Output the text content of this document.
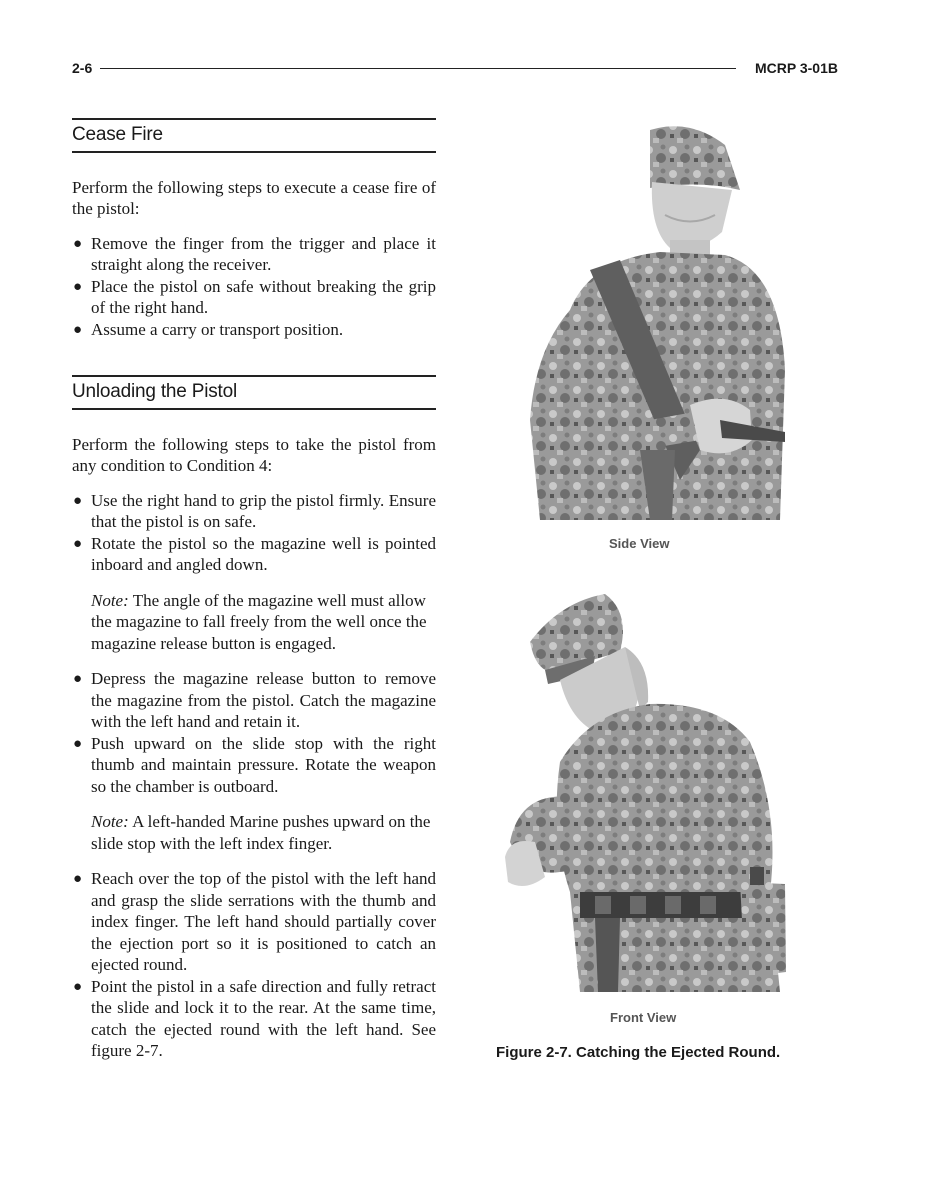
2-6	MCRP 3-01B
Cease Fire

Perform the following steps to execute a cease fire of the pistol:

● Remove the finger from the trigger and place it straight along the receiver.
● Place the pistol on safe without breaking the grip of the right hand.
● Assume a carry or transport position.
Unloading the Pistol

Perform the following steps to take the pistol from any condition to Condition 4:

● Use the right hand to grip the pistol firmly. Ensure that the pistol is on safe.
● Rotate the pistol so the magazine well is pointed inboard and angled down.

Note: The angle of the magazine well must allow the magazine to fall freely from the well once the magazine release button is engaged.

● Depress the magazine release button to remove the magazine from the pistol. Catch the magazine with the left hand and retain it.
● Push upward on the slide stop with the right thumb and maintain pressure. Rotate the weapon so the chamber is outboard.

Note: A left-handed Marine pushes upward on the slide stop with the left index finger.

● Reach over the top of the pistol with the left hand and grasp the slide serrations with the thumb and index finger. The left hand should partially cover the ejection port so it is positioned to catch an ejected round.
● Point the pistol in a safe direction and fully retract the slide and lock it to the rear. At the same time, catch the ejected round with the left hand. See figure 2-7.
Side View
Front View
Figure 2-7. Catching the Ejected Round.
